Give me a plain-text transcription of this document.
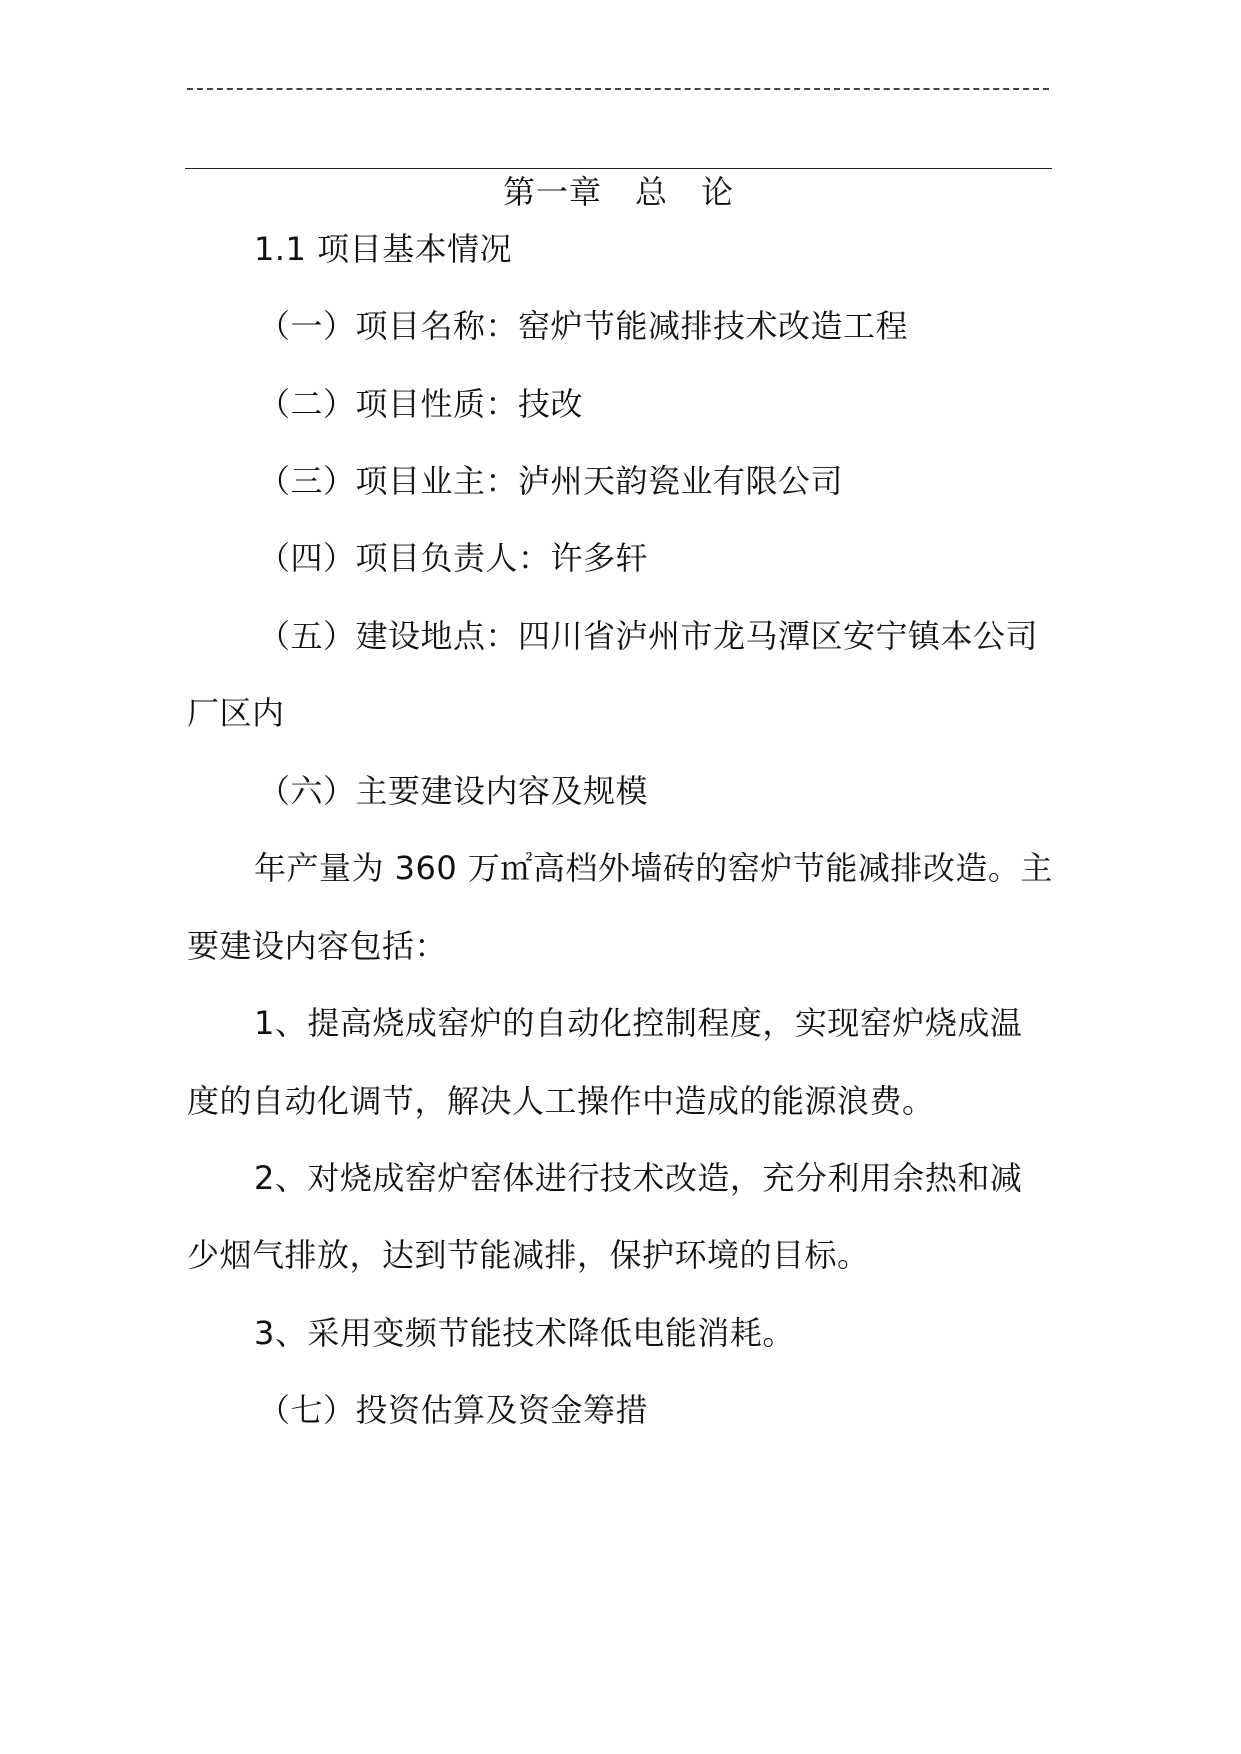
第一章　总　论
1.1 项目基本情况
（一）项目名称：窑炉节能减排技术改造工程
（二）项目性质：技改
（三）项目业主：泸州天韵瓷业有限公司
（四）项目负责人：许多轩
（五）建设地点：四川省泸州市龙马潭区安宁镇本公司
厂区内
（六）主要建设内容及规模
年产量为 360 万㎡高档外墙砖的窑炉节能减排改造。主
要建设内容包括：
1、提高烧成窑炉的自动化控制程度，实现窑炉烧成温
度的自动化调节，解决人工操作中造成的能源浪费。
2、对烧成窑炉窑体进行技术改造，充分利用余热和减
少烟气排放，达到节能减排，保护环境的目标。
3、采用变频节能技术降低电能消耗。
（七）投资估算及资金筹措
